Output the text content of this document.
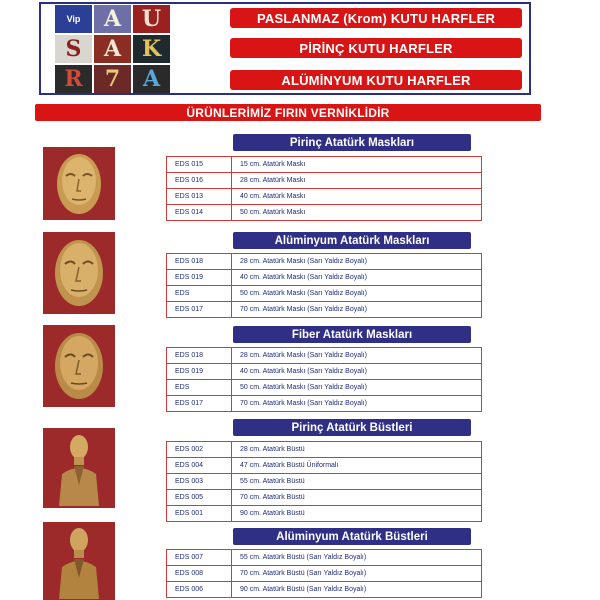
Vip	A U
S	A K
R	7	A
PASLANMAZ (Krom) KUTU HARFLER
PİRİNÇ KUTU HARFLER
ALÜMİNYUM KUTU HARFLER
ÜRÜNLERİMİZ FIRIN VERNİKLİDİR
Pirinç Atatürk Maskları
EDS 015	15 cm. Atatürk Maskı
EDS 016	28 cm. Atatürk Maskı
EDS 013	40 cm. Atatürk Maskı
EDS 014	50 cm. Atatürk Maskı
Alüminyum Atatürk Maskları
EDS 018	28 cm. Atatürk Maskı (Sarı Yaldız Boyalı)
EDS 019	40 cm. Atatürk Maskı (Sarı Yaldız Boyalı)
EDS	50 cm. Atatürk Maskı (Sarı Yaldız Boyalı)
EDS 017	70 cm. Atatürk Maskı (Sarı Yaldız Boyalı)
Fiber Atatürk Maskları
EDS 018	28 cm. Atatürk Maskı (Sarı Yaldız Boyalı)
EDS 019	40 cm. Atatürk Maskı (Sarı Yaldız Boyalı)
EDS	50 cm. Atatürk Maskı (Sarı Yaldız Boyalı)
EDS 017	70 cm. Atatürk Maskı (Sarı Yaldız Boyalı)
Pirinç Atatürk Büstleri
EDS 002	28 cm. Atatürk Büstü
EDS 004	47 cm. Atatürk Büstü Üniformalı
EDS 003	55 cm. Atatürk Büstü
EDS 005	70 cm. Atatürk Büstü
EDS 001	90 cm. Atatürk Büstü
Alüminyum Atatürk Büstleri
EDS 007	55 cm. Atatürk Büstü (Sarı Yaldız Boyalı)
EDS 008	70 cm. Atatürk Büstü (Sarı Yaldız Boyalı)
EDS 006	90 cm. Atatürk Büstü (Sarı Yaldız Boyalı)
